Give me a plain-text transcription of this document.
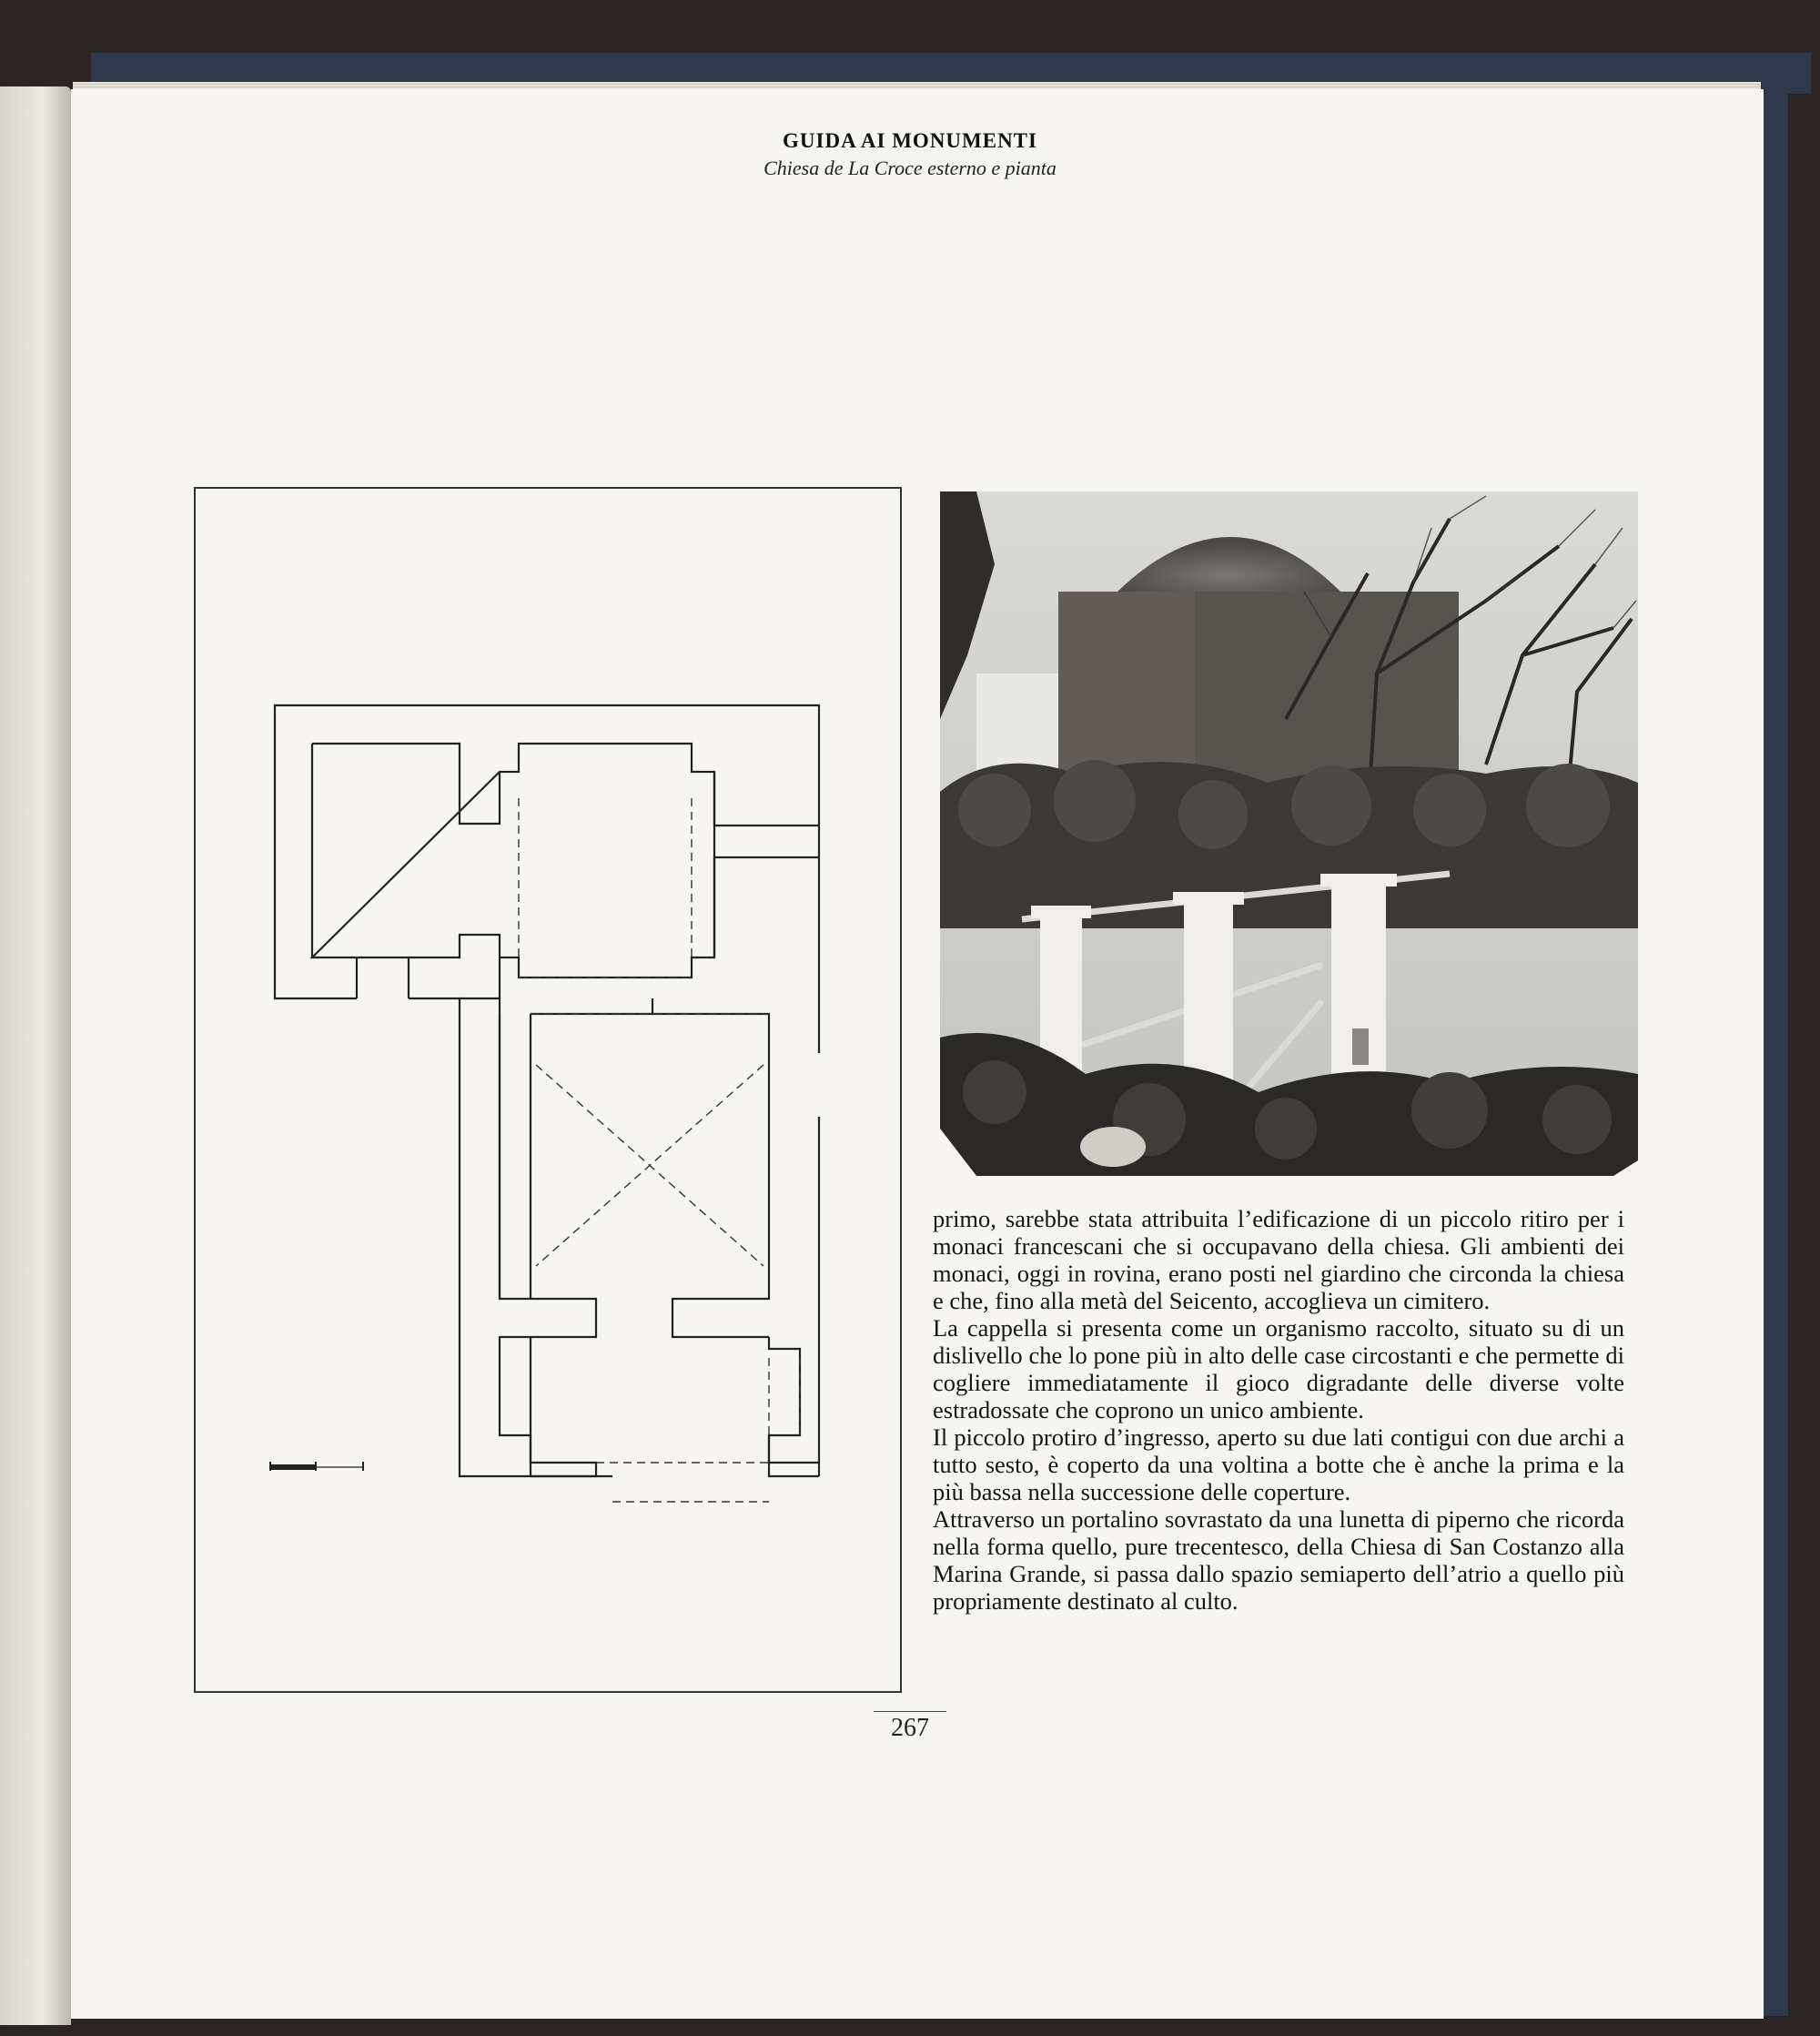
GUIDA AI MONUMENTI
Chiesa de La Croce esterno e pianta

primo, sarebbe stata attribuita l’edificazione di un piccolo ritiro per i monaci francescani che si occupavano della chiesa. Gli ambienti dei monaci, oggi in rovina, erano posti nel giardino che circonda la chiesa e che, fino alla metà del Seicento, accoglieva un cimitero.

La cappella si presenta come un organismo raccolto, situato su di un dislivello che lo pone più in alto delle case circostanti e che permette di cogliere immediatamente il gioco digradante delle diverse volte estradossate che coprono un unico ambiente.

Il piccolo protiro d’ingresso, aperto su due lati contigui con due archi a tutto sesto, è coperto da una voltina a botte che è anche la prima e la più bassa nella successione delle coperture.

Attraverso un portalino sovrastato da una lunetta di piperno che ricorda nella forma quello, pure trecentesco, della Chiesa di San Costanzo alla Marina Grande, si passa dallo spazio semiaperto dell’atrio a quello più propriamente destinato al culto.

267
